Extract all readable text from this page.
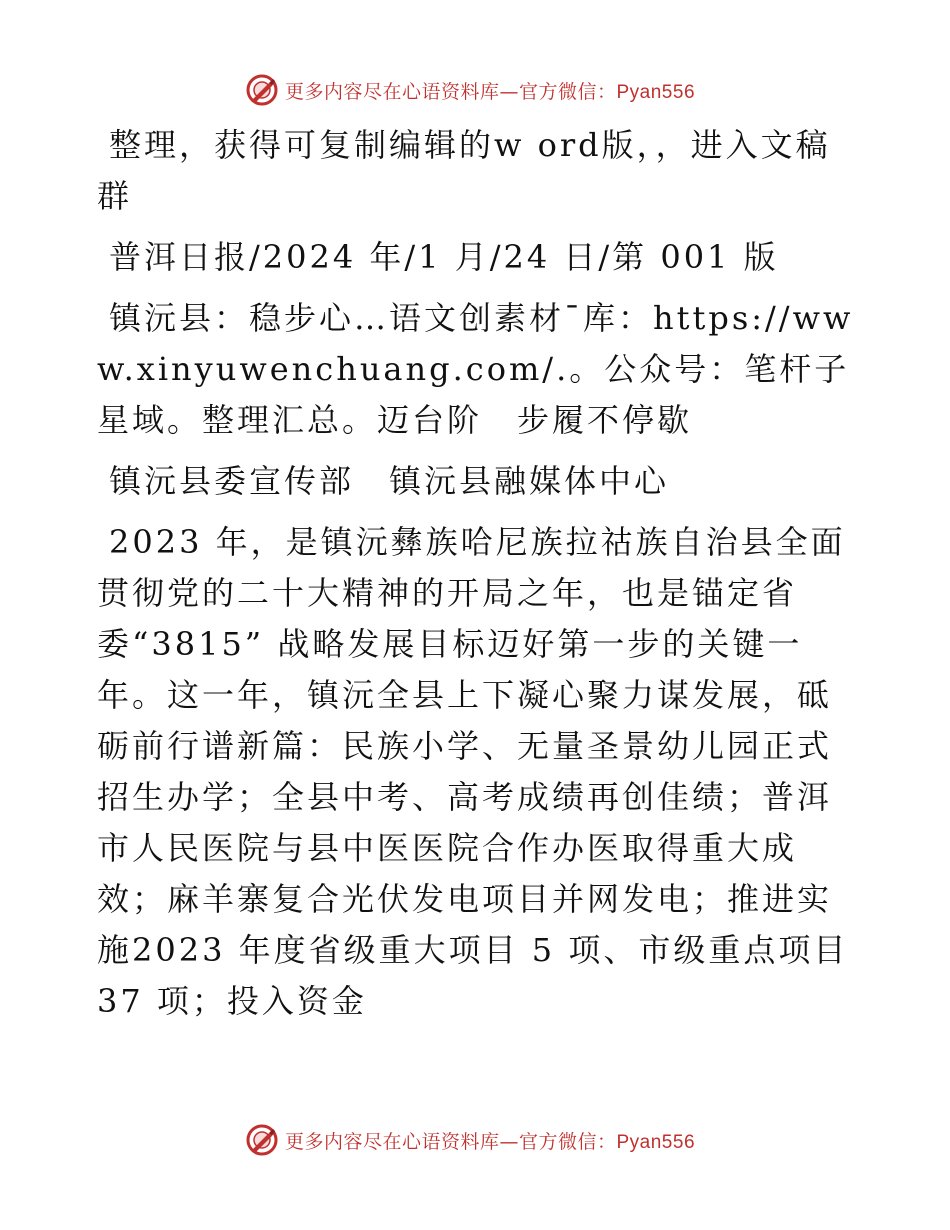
更多内容尽在心语资料库—官方微信：Pyan556

整理，获得可复制编辑的w ord版，，进入文稿群

普洱日报/2024 年/1 月/24 日/第 001 版

镇沅县：稳步心…语文创素材¯库：https://www.xinyuwenchuang.com/.。公众号：笔杆子星域。整理汇总。迈台阶　步履不停歇

镇沅县委宣传部　镇沅县融媒体中心

2023 年，是镇沅彝族哈尼族拉祜族自治县全面贯彻党的二十大精神的开局之年，也是锚定省委“3815” 战略发展目标迈好第一步的关键一年。这一年，镇沅全县上下凝心聚力谋发展，砥砺前行谱新篇：民族小学、无量圣景幼儿园正式招生办学；全县中考、高考成绩再创佳绩；普洱市人民医院与县中医医院合作办医取得重大成效；麻羊寨复合光伏发电项目并网发电；推进实施2023 年度省级重大项目 5 项、市级重点项目 37 项；投入资金

更多内容尽在心语资料库—官方微信：Pyan556
